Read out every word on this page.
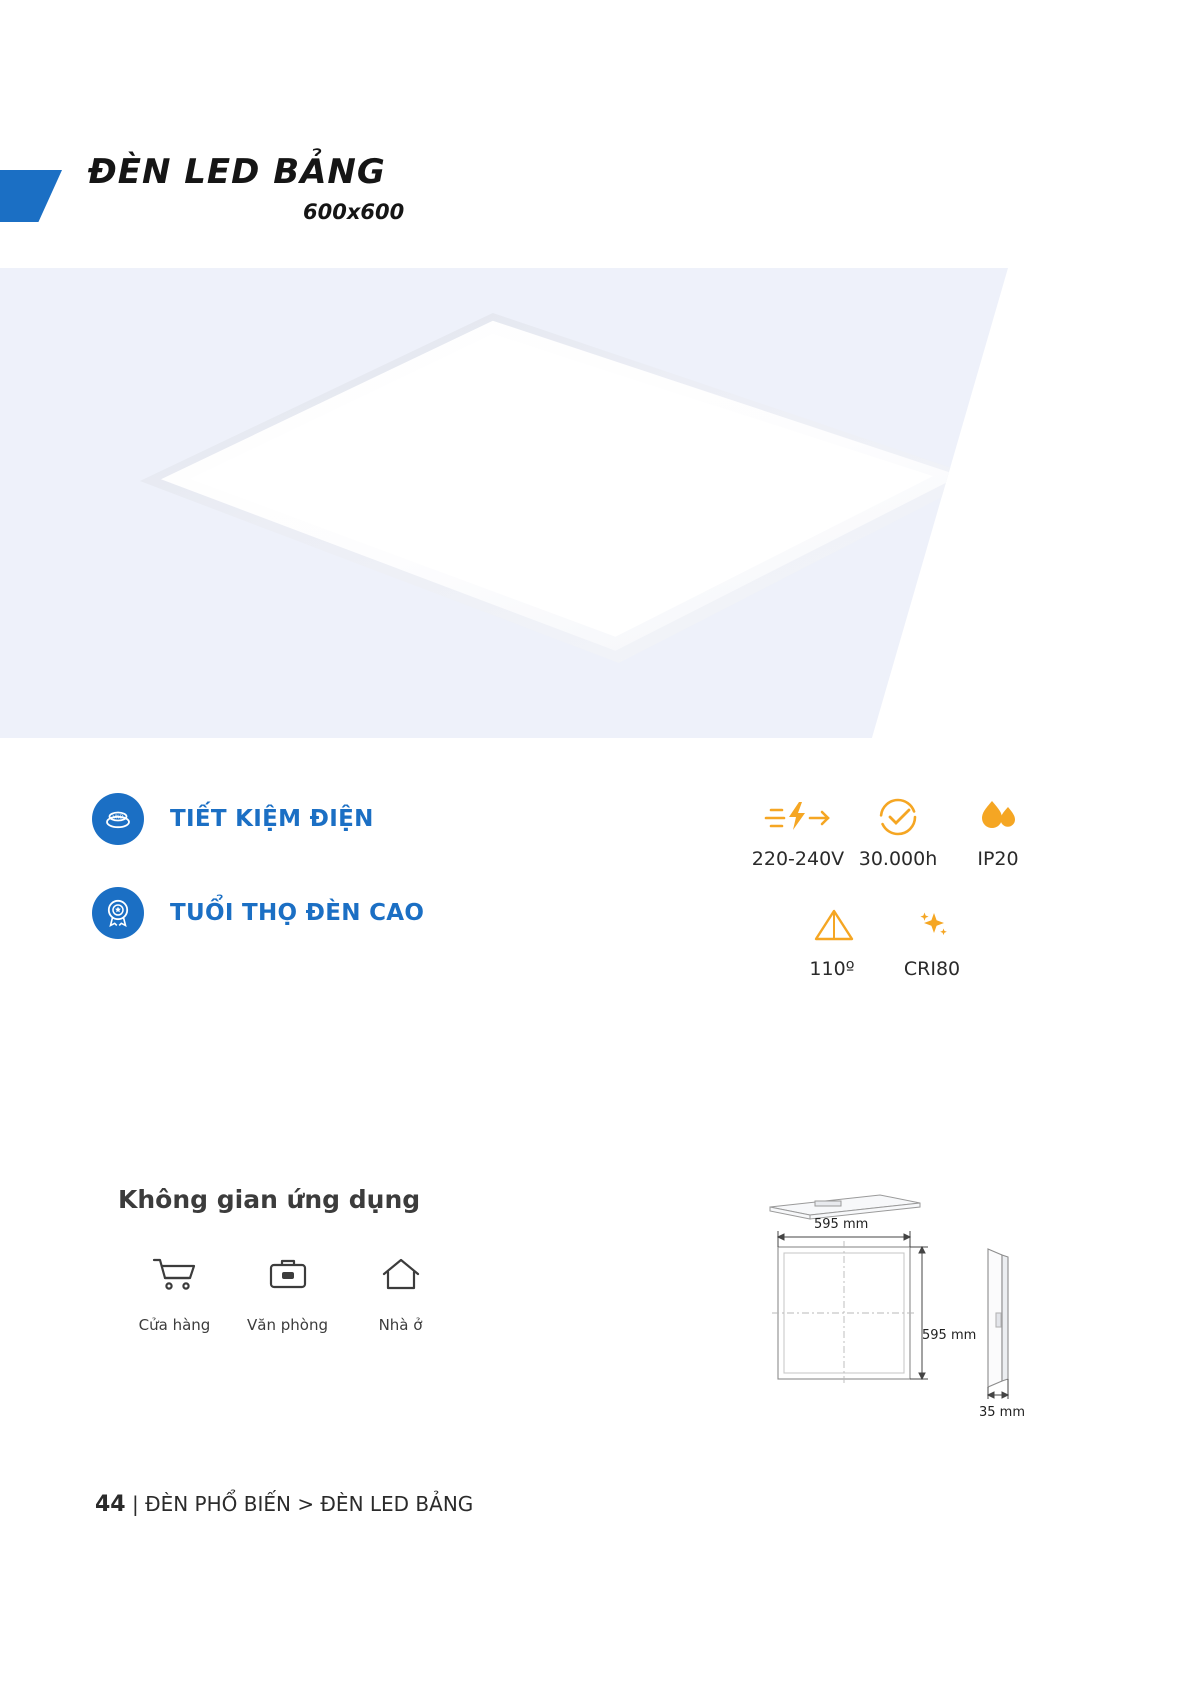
ĐÈN LED BẢNG
600x600
VND TIẾT KIỆM ĐIỆN
TUỔI THỌ ĐÈN CAO
220-240V 30.000h	IP20
110º	CRI80
Không gian ứng dụng
Cửa hàng	Văn phòng	Nhà ở
595 mm
595 mm
35 mm
44 | ĐÈN PHỔ BIẾN > ĐÈN LED BẢNG
